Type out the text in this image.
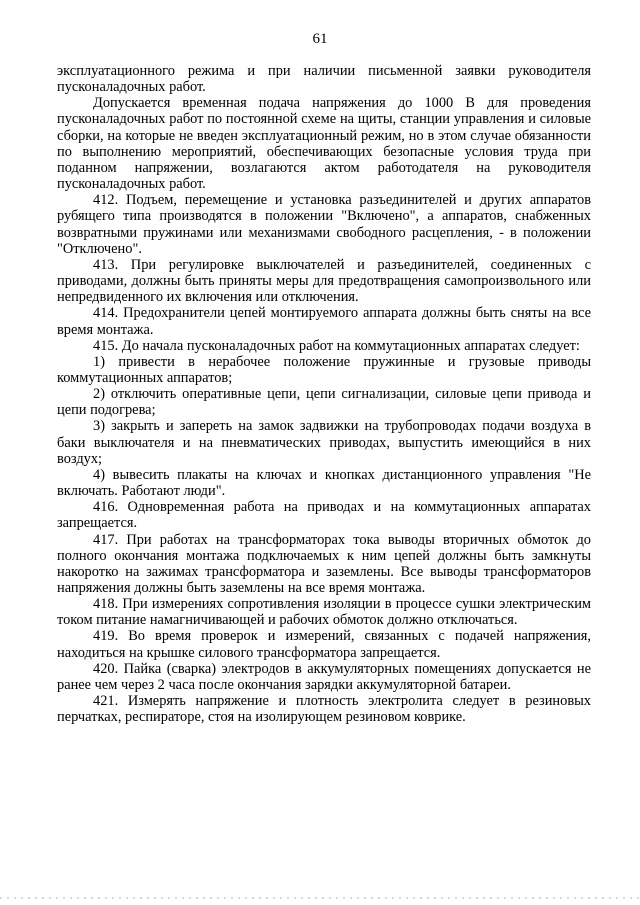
61

эксплуатационного режима и при наличии письменной заявки руководителя пусконаладочных работ.

Допускается временная подача напряжения до 1000 В для проведения пусконаладочных работ по постоянной схеме на щиты, станции управления и силовые сборки, на которые не введен эксплуатационный режим, но в этом случае обязанности по выполнению мероприятий, обеспечивающих безопасные условия труда при поданном напряжении, возлагаются актом работодателя на руководителя пусконаладочных работ.

412. Подъем, перемещение и установка разъединителей и других аппаратов рубящего типа производятся в положении "Включено", а аппаратов, снабженных возвратными пружинами или механизмами свободного расцепления, - в положении "Отключено".

413. При регулировке выключателей и разъединителей, соединенных с приводами, должны быть приняты меры для предотвращения самопроизвольного или непредвиденного их включения или отключения.

414. Предохранители цепей монтируемого аппарата должны быть сняты на все время монтажа.

415. До начала пусконаладочных работ на коммутационных аппаратах следует:

1) привести в нерабочее положение пружинные и грузовые приводы коммутационных аппаратов;

2) отключить оперативные цепи, цепи сигнализации, силовые цепи привода и цепи подогрева;

3) закрыть и запереть на замок задвижки на трубопроводах подачи воздуха в баки выключателя и на пневматических приводах, выпустить имеющийся в них воздух;

4) вывесить плакаты на ключах и кнопках дистанционного управления "Не включать. Работают люди".

416. Одновременная работа на приводах и на коммутационных аппаратах запрещается.

417. При работах на трансформаторах тока выводы вторичных обмоток до полного окончания монтажа подключаемых к ним цепей должны быть замкнуты накоротко на зажимах трансформатора и заземлены. Все выводы трансформаторов напряжения должны быть заземлены на все время монтажа.

418. При измерениях сопротивления изоляции в процессе сушки электрическим током питание намагничивающей и рабочих обмоток должно отключаться.

419. Во время проверок и измерений, связанных с подачей напряжения, находиться на крышке силового трансформатора запрещается.

420. Пайка (сварка) электродов в аккумуляторных помещениях допускается не ранее чем через 2 часа после окончания зарядки аккумуляторной батареи.

421. Измерять напряжение и плотность электролита следует в резиновых перчатках, респираторе, стоя на изолирующем резиновом коврике.
